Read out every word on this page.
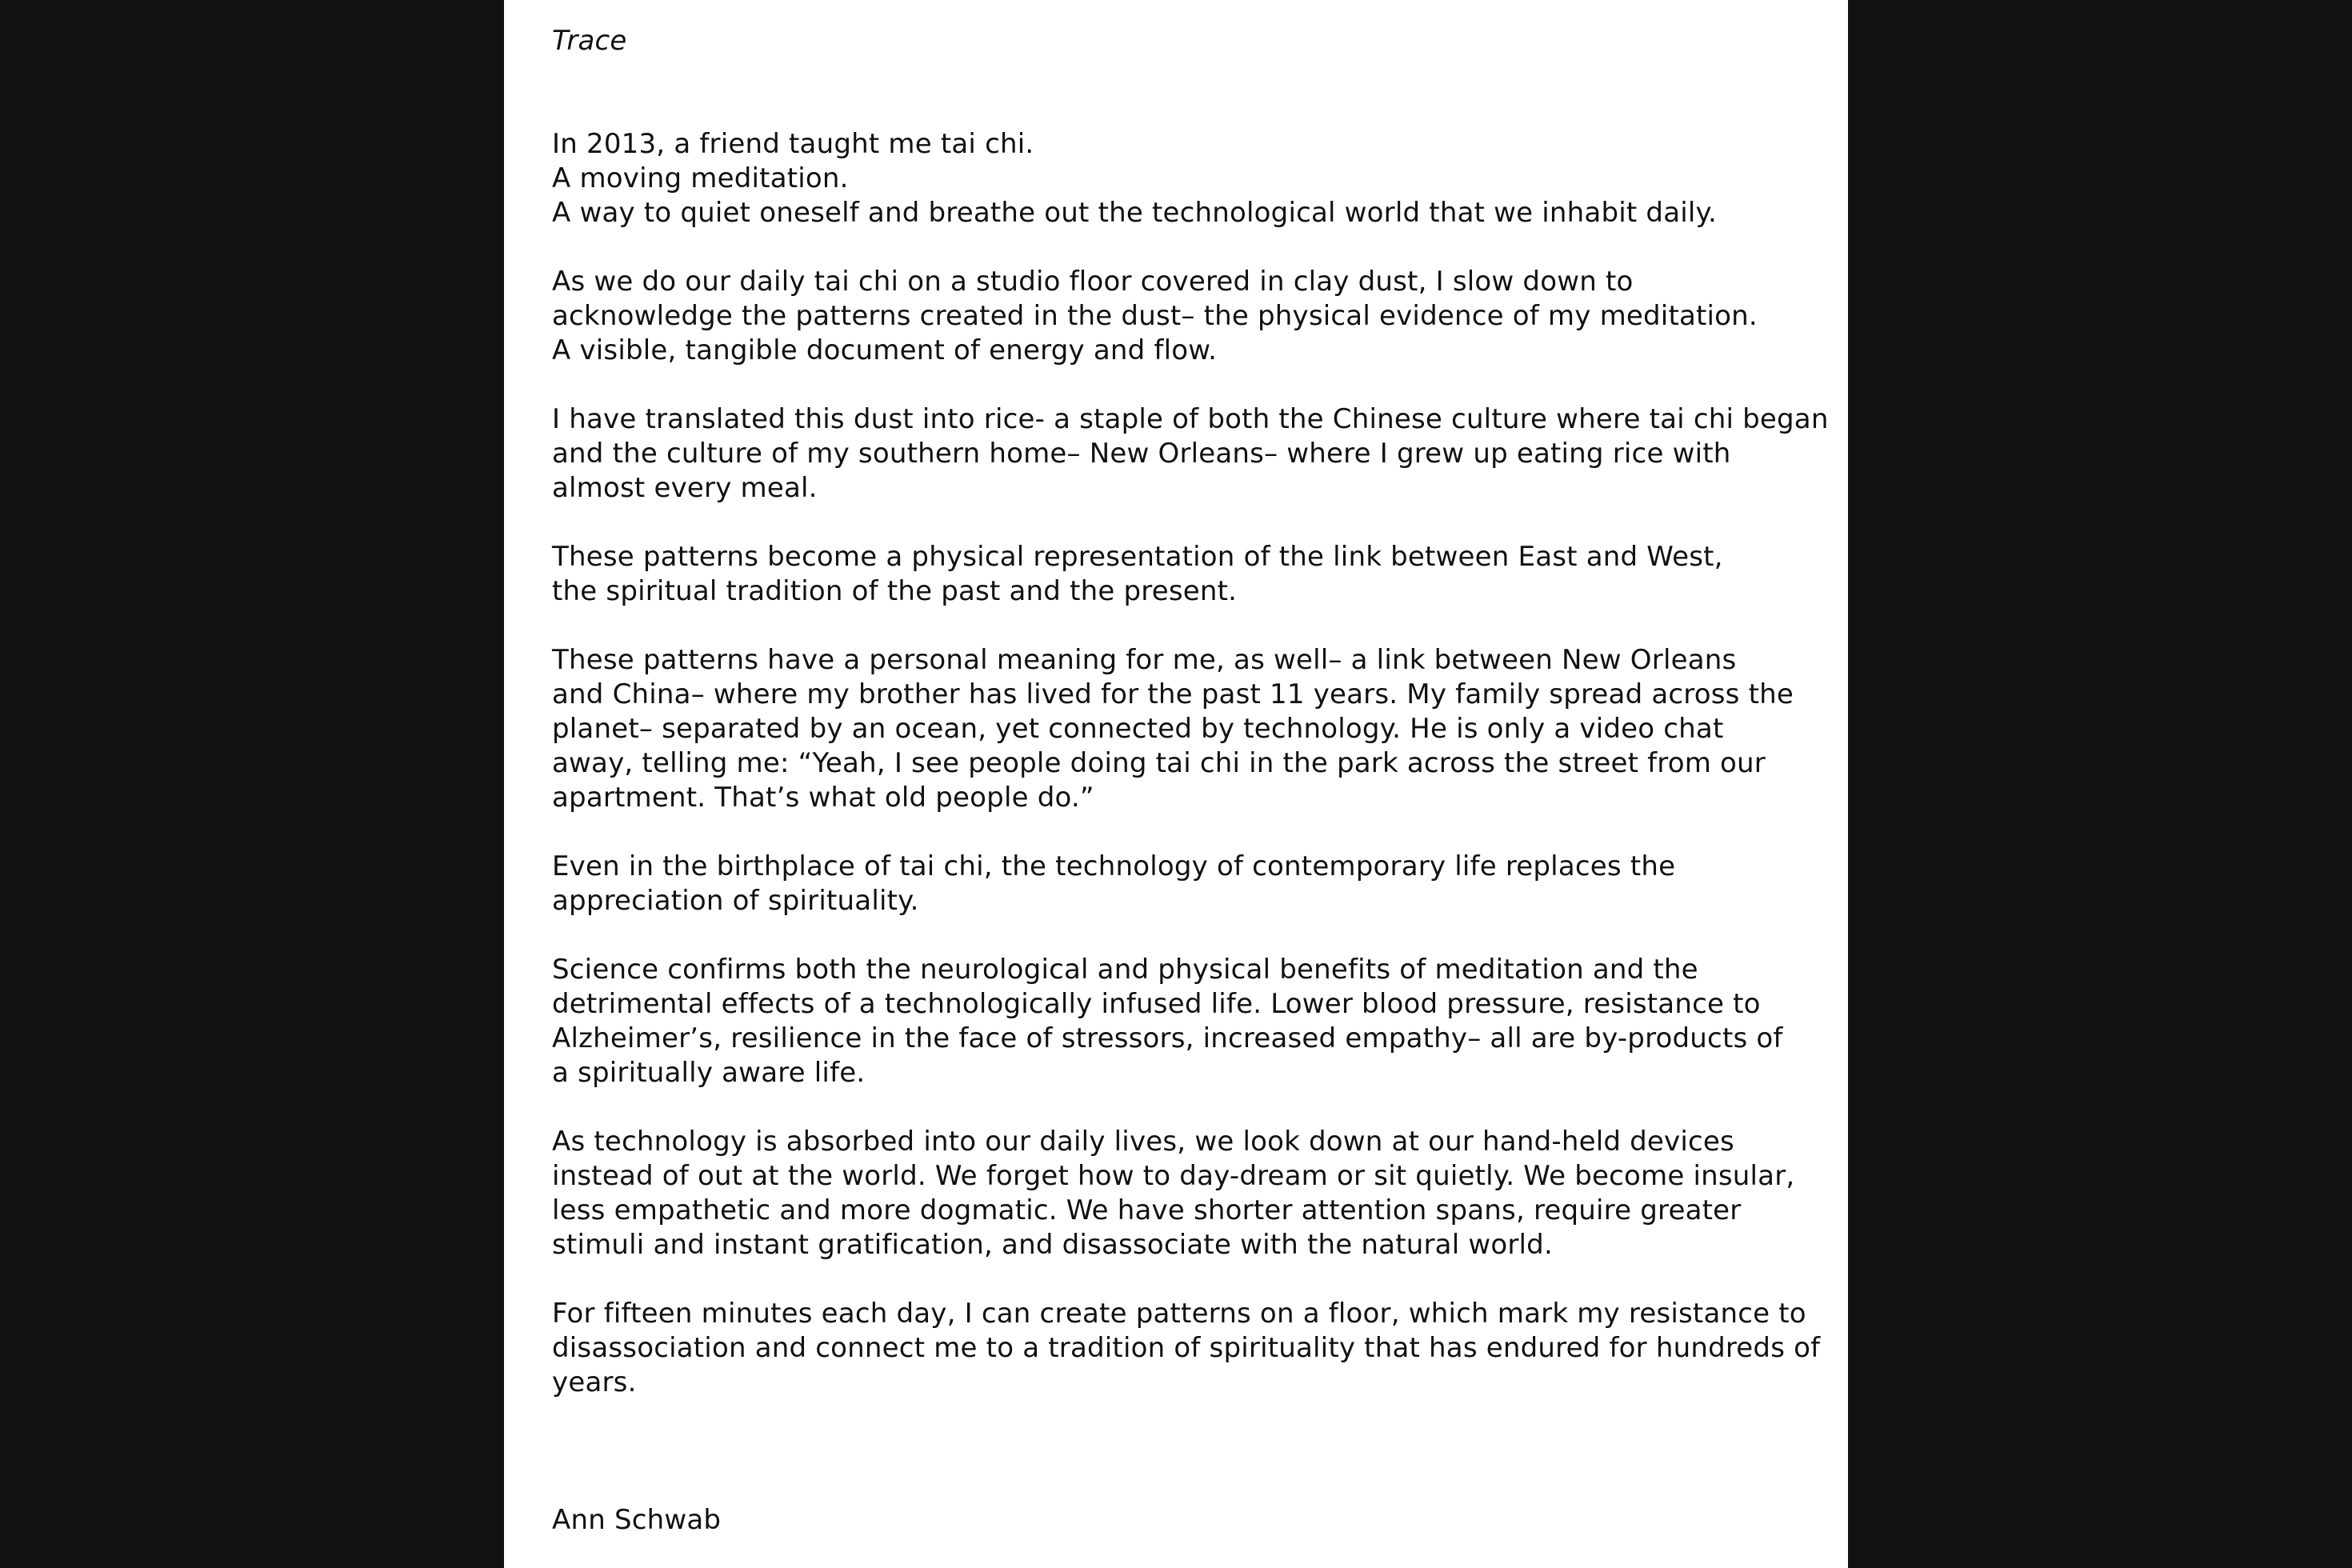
Trace

In 2013, a friend taught me tai chi.
A moving meditation.
A way to quiet oneself and breathe out the technological world that we inhabit daily.

As we do our daily tai chi on a studio floor covered in clay dust, I slow down to
acknowledge the patterns created in the dust– the physical evidence of my meditation.
A visible, tangible document of energy and flow.

I have translated this dust into rice- a staple of both the Chinese culture where tai chi began
and the culture of my southern home– New Orleans– where I grew up eating rice with
almost every meal.

These patterns become a physical representation of the link between East and West,
the spiritual tradition of the past and the present.

These patterns have a personal meaning for me, as well– a link between New Orleans
and China– where my brother has lived for the past 11 years. My family spread across the
planet– separated by an ocean, yet connected by technology. He is only a video chat
away, telling me: “Yeah, I see people doing tai chi in the park across the street from our
apartment. That’s what old people do.”

Even in the birthplace of tai chi, the technology of contemporary life replaces the
appreciation of spirituality.

Science confirms both the neurological and physical benefits of meditation and the
detrimental effects of a technologically infused life. Lower blood pressure, resistance to
Alzheimer’s, resilience in the face of stressors, increased empathy– all are by-products of
a spiritually aware life.

As technology is absorbed into our daily lives, we look down at our hand-held devices
instead of out at the world. We forget how to day-dream or sit quietly. We become insular,
less empathetic and more dogmatic. We have shorter attention spans, require greater
stimuli and instant gratification, and disassociate with the natural world.

For fifteen minutes each day, I can create patterns on a floor, which mark my resistance to
disassociation and connect me to a tradition of spirituality that has endured for hundreds of
years.

Ann Schwab
